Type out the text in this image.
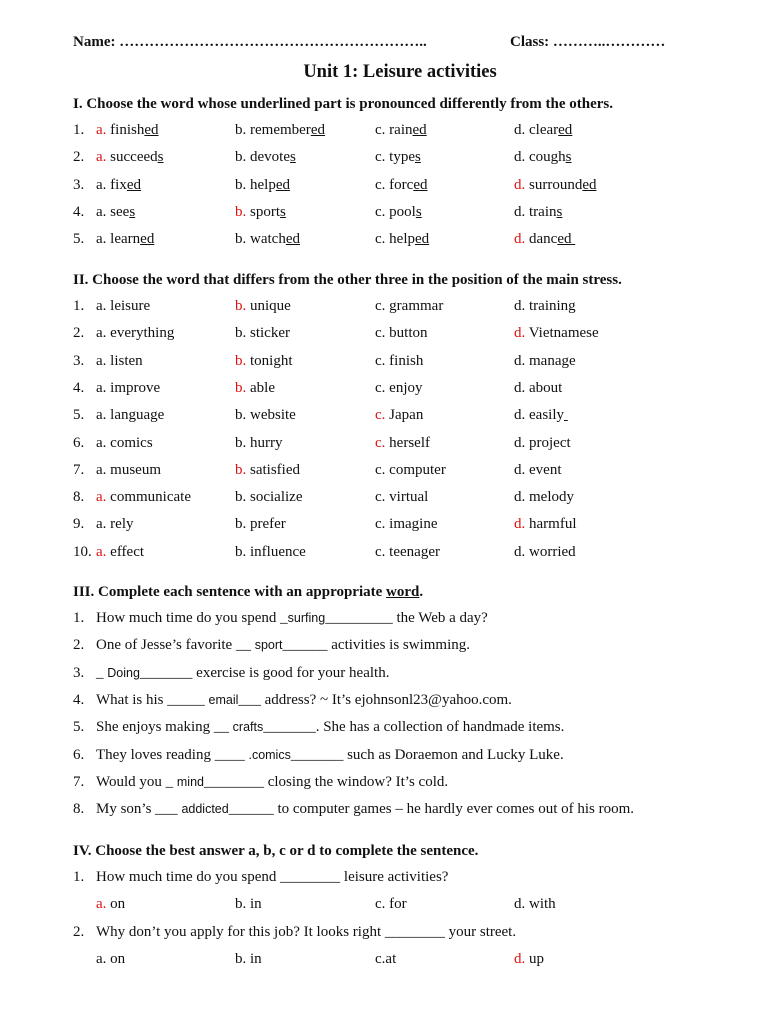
Name: ……………………………………………………..	Class: ………..…………
Unit 1: Leisure activities
I. Choose the word whose underlined part is pronounced differently from the others.
1. a. finished	b. remembered	c. rained	d. cleared
2. a. succeeds	b. devotes	c. types	d. coughs
3. a. fixed	b. helped	c. forced	d. surrounded
4. a. sees	b. sports	c. pools	d. trains
5. a. learned	b. watched	c. helped	d. danced
II. Choose the word that differs from the other three in the position of the main stress.
1. a. leisure	b. unique	c. grammar	d. training
2. a. everything	b. sticker	c. button	d. Vietnamese
3. a. listen	b. tonight	c. finish	d. manage
4. a. improve	b. able	c. enjoy	d. about
5. a. language	b. website	c. Japan	d. easily
6. a. comics	b. hurry	c. herself	d. project
7. a. museum	b. satisfied	c. computer	d. event
8. a. communicate	b. socialize	c. virtual	d. melody
9. a. rely	b. prefer	c. imagine	d. harmful
10. a. effect	b. influence	c. teenager	d. worried
III. Complete each sentence with an appropriate word.
1. How much time do you spend _surfing_________ the Web a day?
2. One of Jesse’s favorite __ sport______ activities is swimming.
3. _ Doing_______ exercise is good for your health.
4. What is his _____ email___ address? ~ It’s ejohnsonl23@yahoo.com.
5. She enjoys making __ crafts_______. She has a collection of handmade items.
6. They loves reading ____ .comics_______ such as Doraemon and Lucky Luke.
7. Would you _ mind________ closing the window? It’s cold.
8. My son’s ___ addicted______ to computer games – he hardly ever comes out of his room.
IV. Choose the best answer a, b, c or d to complete the sentence.
1. How much time do you spend ________ leisure activities?
a. on	b. in	c. for	d. with
2. Why don’t you apply for this job? It looks right ________ your street.
a. on	b. in	c.at	d. up
